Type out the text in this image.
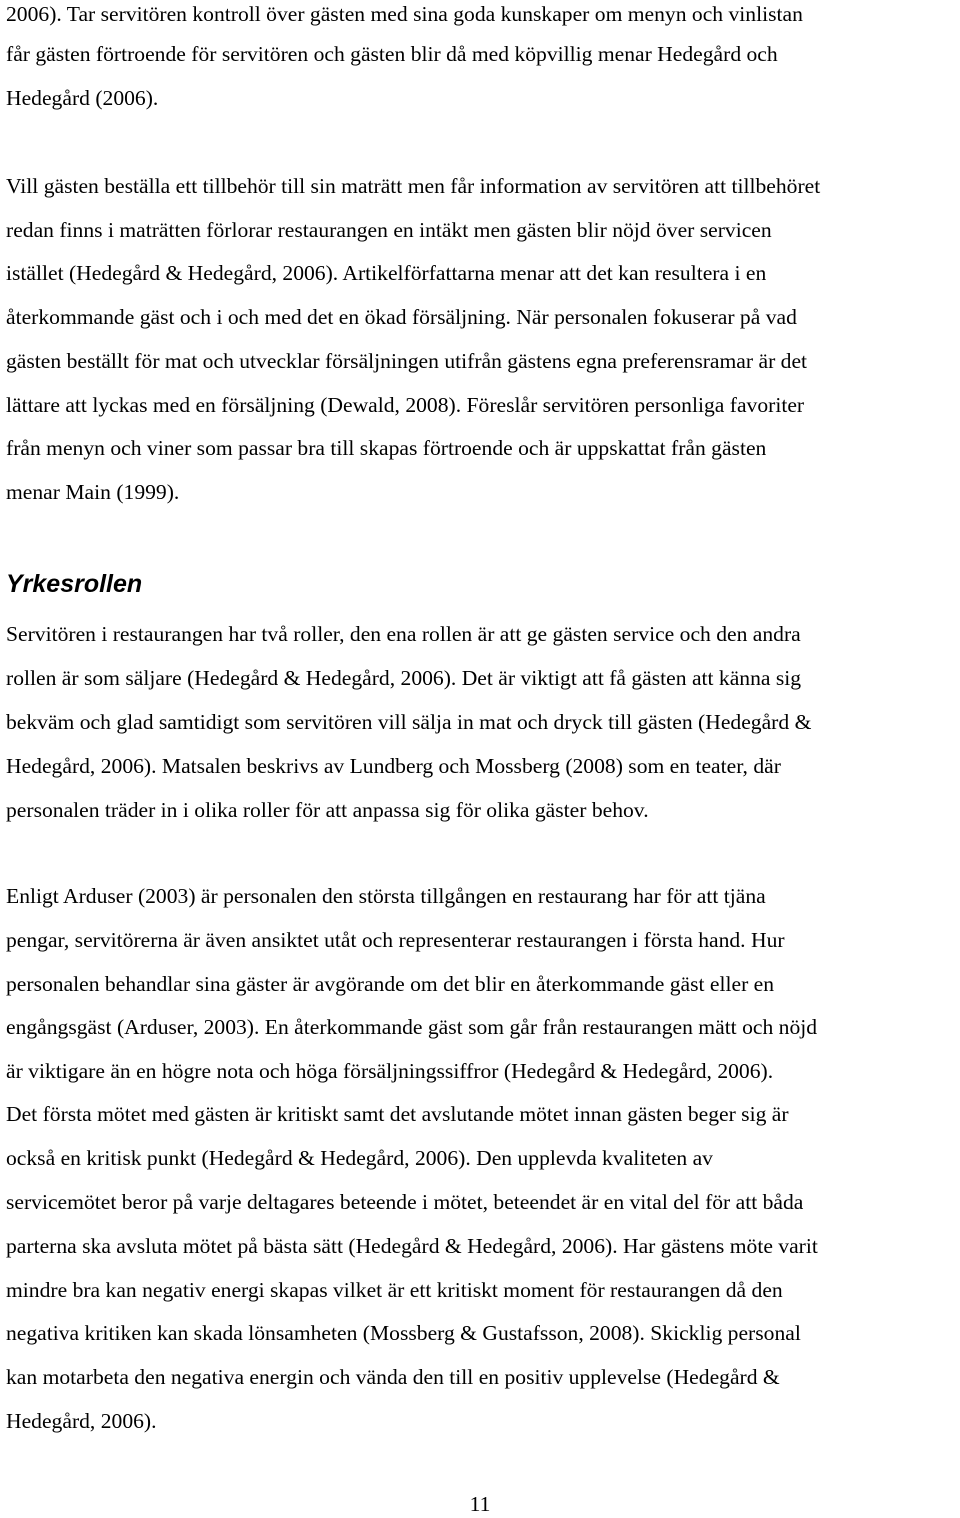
2006). Tar servitören kontroll över gästen med sina goda kunskaper om menyn och vinlistan
får gästen förtroende för servitören och gästen blir då med köpvillig menar Hedegård och
Hedegård (2006).
Vill gästen beställa ett tillbehör till sin maträtt men får information av servitören att tillbehöret
redan finns i maträtten förlorar restaurangen en intäkt men gästen blir nöjd över servicen
istället (Hedegård & Hedegård, 2006). Artikelförfattarna menar att det kan resultera i en
återkommande gäst och i och med det en ökad försäljning. När personalen fokuserar på vad
gästen beställt för mat och utvecklar försäljningen utifrån gästens egna preferensramar är det
lättare att lyckas med en försäljning (Dewald, 2008). Föreslår servitören personliga favoriter
från menyn och viner som passar bra till skapas förtroende och är uppskattat från gästen
menar Main (1999).
Yrkesrollen
Servitören i restaurangen har två roller, den ena rollen är att ge gästen service och den andra
rollen är som säljare (Hedegård & Hedegård, 2006). Det är viktigt att få gästen att känna sig
bekväm och glad samtidigt som servitören vill sälja in mat och dryck till gästen (Hedegård &
Hedegård, 2006). Matsalen beskrivs av Lundberg och Mossberg (2008) som en teater, där
personalen träder in i olika roller för att anpassa sig för olika gäster behov.
Enligt Arduser (2003) är personalen den största tillgången en restaurang har för att tjäna
pengar, servitörerna är även ansiktet utåt och representerar restaurangen i första hand. Hur
personalen behandlar sina gäster är avgörande om det blir en återkommande gäst eller en
engångsgäst (Arduser, 2003). En återkommande gäst som går från restaurangen mätt och nöjd
är viktigare än en högre nota och höga försäljningssiffror (Hedegård & Hedegård, 2006).
Det första mötet med gästen är kritiskt samt det avslutande mötet innan gästen beger sig är
också en kritisk punkt (Hedegård & Hedegård, 2006). Den upplevda kvaliteten av
servicemötet beror på varje deltagares beteende i mötet, beteendet är en vital del för att båda
parterna ska avsluta mötet på bästa sätt (Hedegård & Hedegård, 2006). Har gästens möte varit
mindre bra kan negativ energi skapas vilket är ett kritiskt moment för restaurangen då den
negativa kritiken kan skada lönsamheten (Mossberg & Gustafsson, 2008). Skicklig personal
kan motarbeta den negativa energin och vända den till en positiv upplevelse (Hedegård &
Hedegård, 2006).
11
